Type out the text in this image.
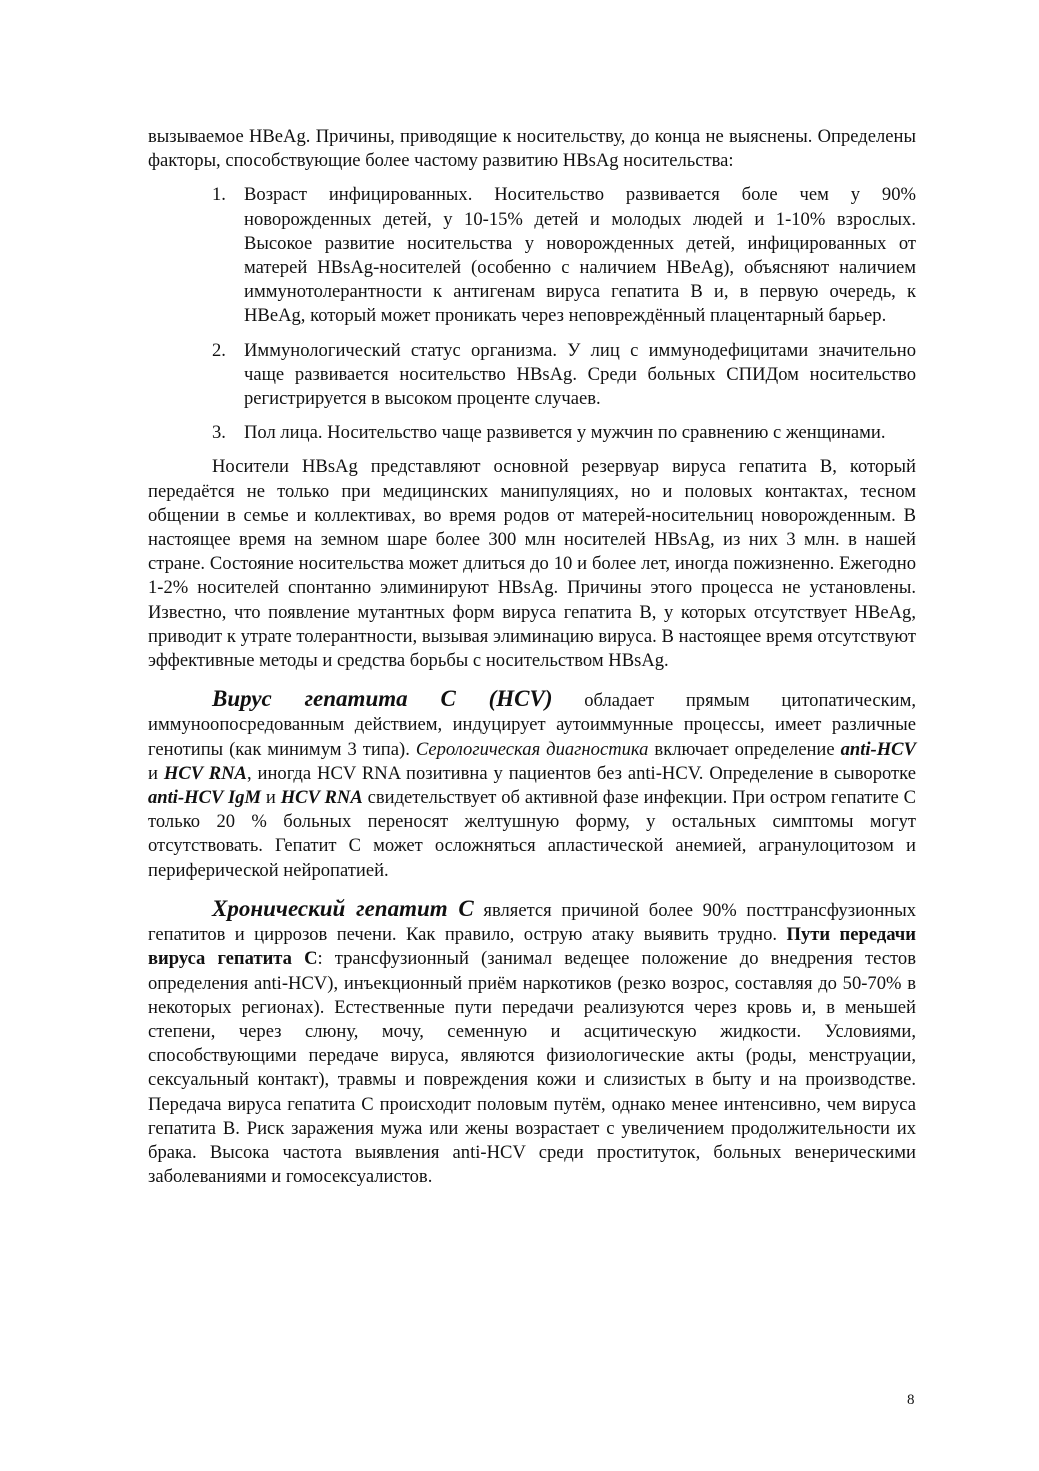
вызываемое HBeAg. Причины, приводящие к носительству, до конца не выяснены. Определены факторы, способствующие более частому развитию HBsAg носительства:

1. Возраст инфицированных. Носительство развивается боле чем у 90% новорожденных детей, у 10-15% детей и молодых людей и 1-10% взрослых. Высокое развитие носительства у новорожденных детей, инфицированных от матерей HBsAg-носителей (особенно с наличием HBeAg), объясняют наличием иммунотолерантности к антигенам вируса гепатита В и, в первую очередь, к HBeAg, который может проникать через неповреждённый плацентарный барьер.
2. Иммунологический статус организма. У лиц с иммунодефицитами значительно чаще развивается носительство HBsAg. Среди больных СПИДом носительство регистрируется в высоком проценте случаев.
3. Пол лица. Носительство чаще развивется у мужчин по сравнению с женщинами.

Носители HBsAg представляют основной резервуар вируса гепатита В, который передаётся не только при медицинских манипуляциях, но и половых контактах, тесном общении в семье и коллективах, во время родов от матерей-носительниц новорожденным. В настоящее время на земном шаре более 300 млн носителей HBsAg, из них 3 млн. в нашей стране. Состояние носительства может длиться до 10 и более лет, иногда пожизненно. Ежегодно 1-2% носителей спонтанно элиминируют HBsAg. Причины этого процесса не установлены. Известно, что появление мутантных форм вируса гепатита В, у которых отсутствует HBeAg, приводит к утрате толерантности, вызывая элиминацию вируса. В настоящее время отсутствуют эффективные методы и средства борьбы с носительством HBsAg.

Вирус гепатита С (HCV) обладает прямым цитопатическим, иммуноопосредованным действием, индуцирует аутоиммунные процессы, имеет различные генотипы (как минимум 3 типа). Серологическая диагностика включает определение anti-HCV и HCV RNA, иногда HCV RNA позитивна у пациентов без anti-HCV. Определение в сыворотке anti-HCV IgM и HCV RNA свидетельствует об активной фазе инфекции. При остром гепатите С только 20 % больных переносят желтушную форму, у остальных симптомы могут отсутствовать. Гепатит С может осложняться апластической анемией, агранулоцитозом и периферической нейропатией.

Хронический гепатит С является причиной более 90% посттрансфузионных гепатитов и циррозов печени. Как правило, острую атаку выявить трудно. Пути передачи вируса гепатита С: трансфузионный (занимал ведещее положение до внедрения тестов определения anti-HCV), инъекционный приём наркотиков (резко возрос, составляя до 50-70% в некоторых регионах). Естественные пути передачи реализуются через кровь и, в меньшей степени, через слюну, мочу, семенную и асцитическую жидкости. Условиями, способствующими передаче вируса, являются физиологические акты (роды, менструации, сексуальный контакт), травмы и повреждения кожи и слизистых в быту и на производстве. Передача вируса гепатита С происходит половым путём, однако менее интенсивно, чем вируса гепатита В. Риск заражения мужа или жены возрастает с увеличением продолжительности их брака. Высока частота выявления anti-HCV среди проституток, больных венерическими заболеваниями и гомосексуалистов.

8
